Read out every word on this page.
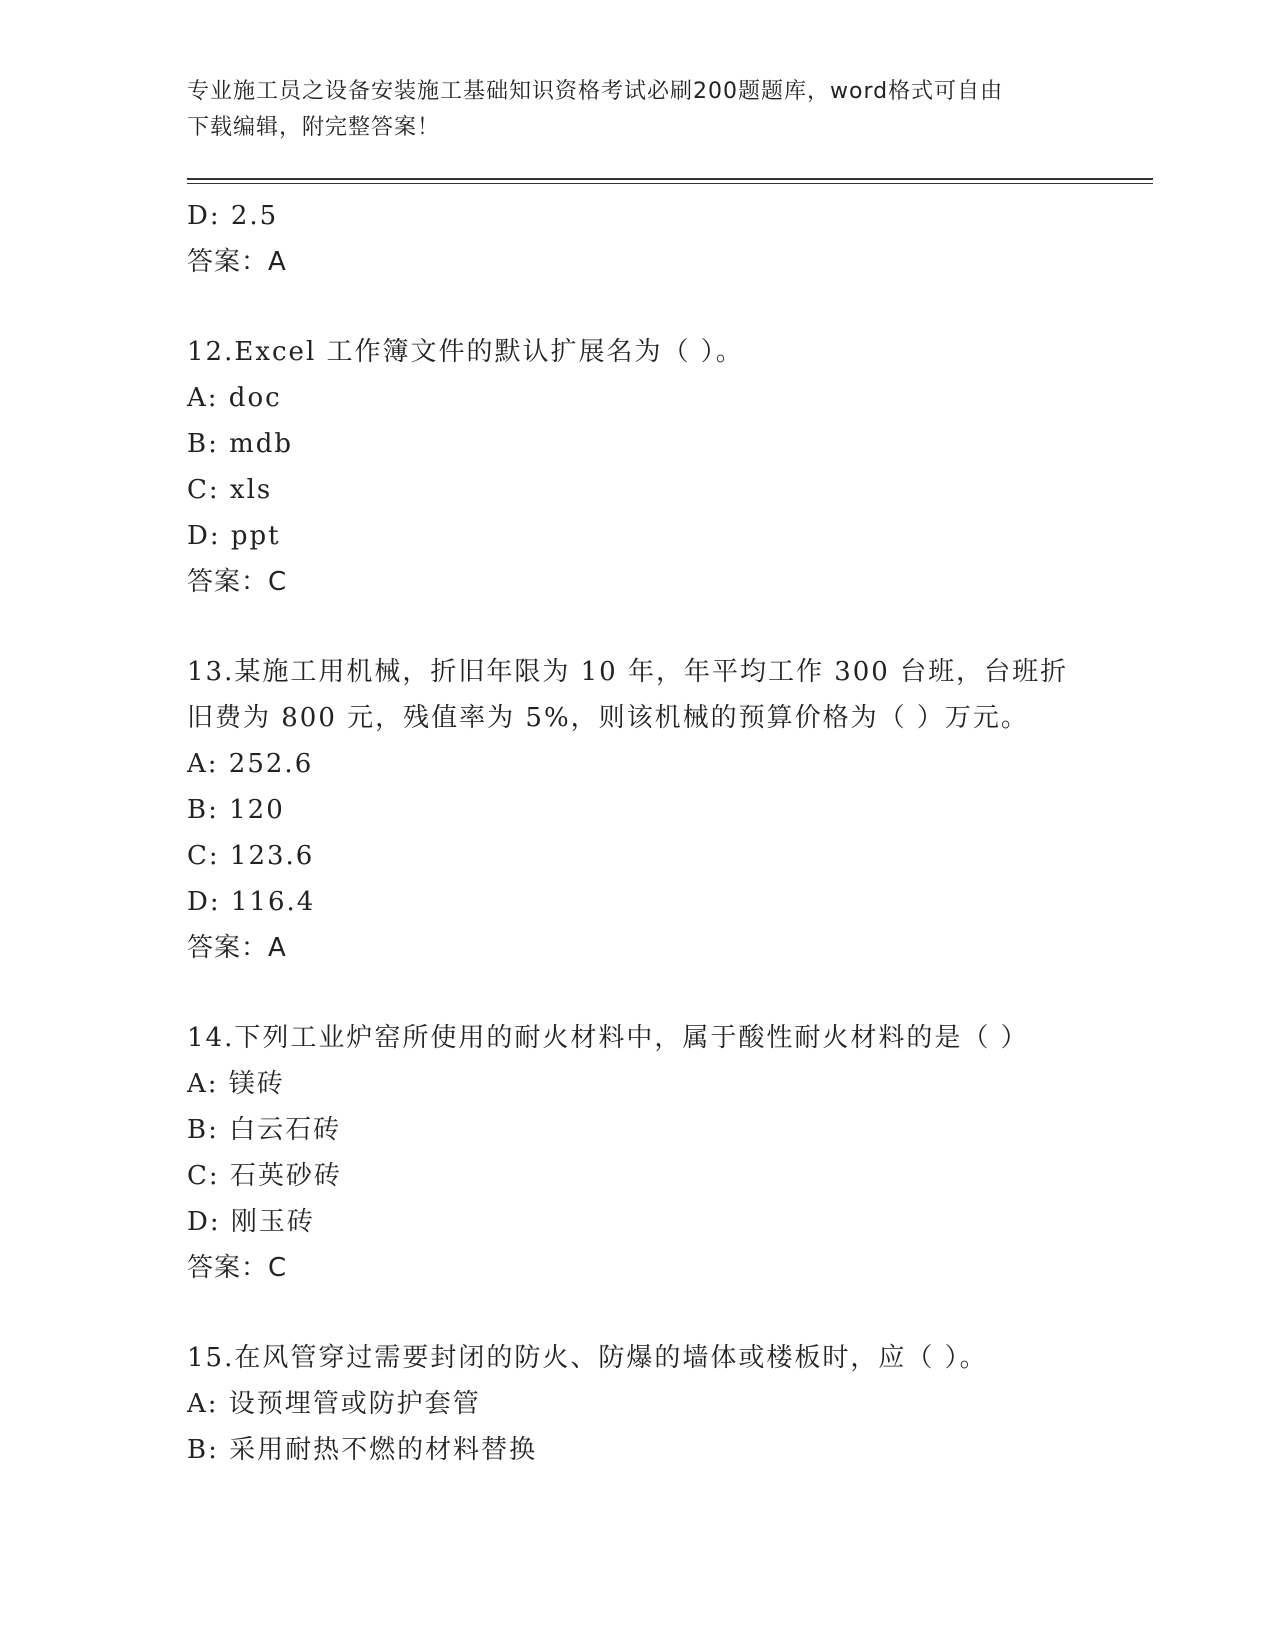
专业施工员之设备安装施工基础知识资格考试必刷200题题库，word格式可自由
下载编辑，附完整答案！
D: 2.5
答案：A
12.Excel 工作簿文件的默认扩展名为（ ）。
A: doc
B: mdb
C: xls
D: ppt
答案：C
13.某施工用机械，折旧年限为 10 年，年平均工作 300 台班，台班折
旧费为 800 元，残值率为 5%，则该机械的预算价格为（ ）万元。
A: 252.6
B: 120
C: 123.6
D: 116.4
答案：A
14.下列工业炉窑所使用的耐火材料中，属于酸性耐火材料的是（ ）
A: 镁砖
B: 白云石砖
C: 石英砂砖
D: 刚玉砖
答案：C
15.在风管穿过需要封闭的防火、防爆的墙体或楼板时，应（ ）。
A: 设预埋管或防护套管
B: 采用耐热不燃的材料替换
